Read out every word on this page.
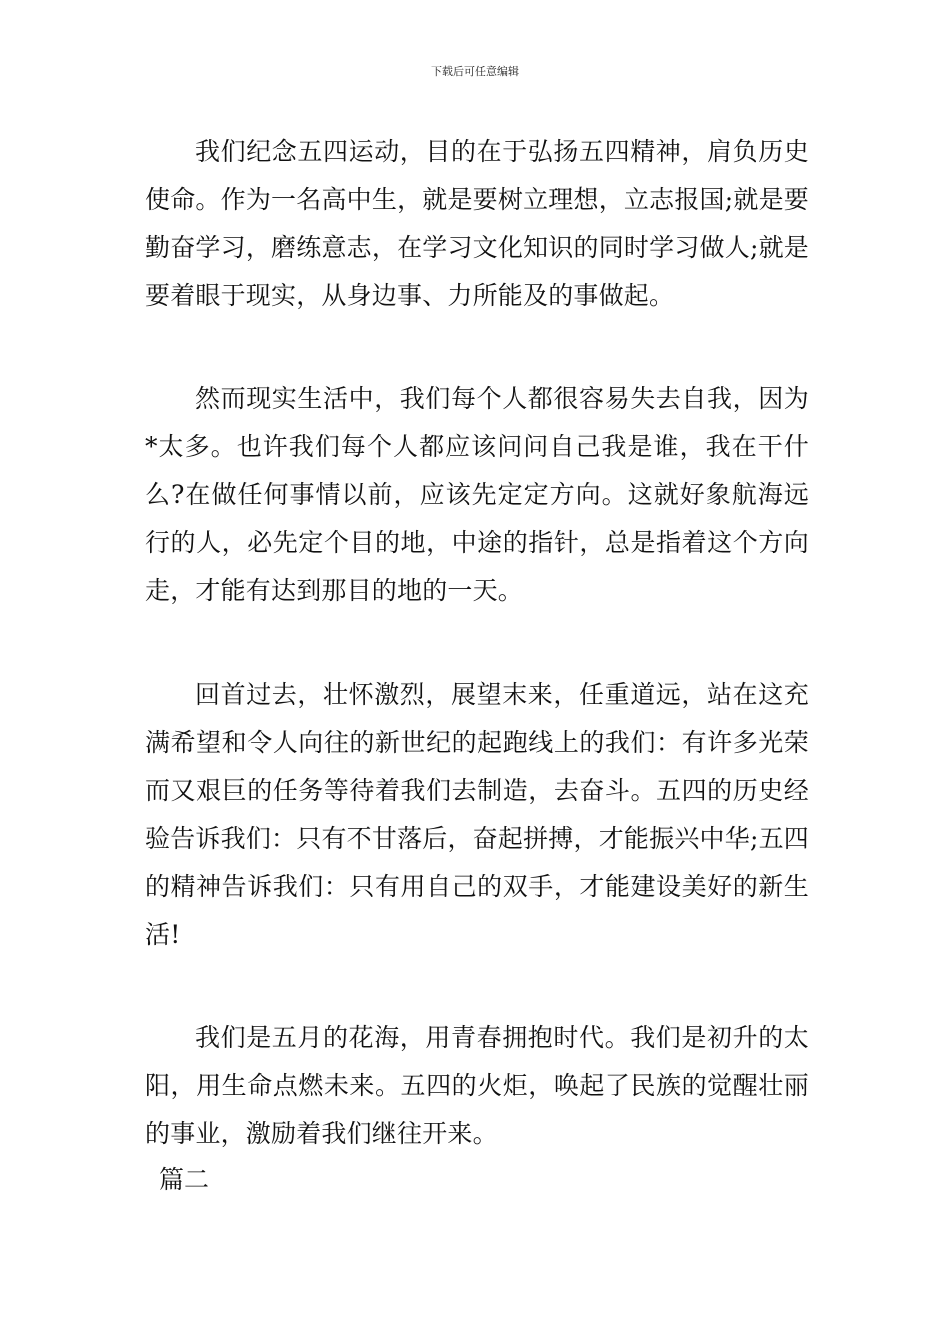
下载后可任意编辑

我们纪念五四运动，目的在于弘扬五四精神，肩负历史使命。作为一名高中生，就是要树立理想，立志报国;就是要勤奋学习，磨练意志，在学习文化知识的同时学习做人;就是要着眼于现实，从身边事、力所能及的事做起。

然而现实生活中，我们每个人都很容易失去自我，因为*太多。也许我们每个人都应该问问自己我是谁，我在干什么?在做任何事情以前，应该先定定方向。这就好象航海远行的人，必先定个目的地，中途的指针，总是指着这个方向走，才能有达到那目的地的一天。

回首过去，壮怀激烈，展望末来，任重道远，站在这充满希望和令人向往的新世纪的起跑线上的我们：有许多光荣而又艰巨的任务等待着我们去制造，去奋斗。五四的历史经验告诉我们：只有不甘落后，奋起拼搏，才能振兴中华;五四的精神告诉我们：只有用自己的双手，才能建设美好的新生活!

我们是五月的花海，用青春拥抱时代。我们是初升的太阳，用生命点燃未来。五四的火炬，唤起了民族的觉醒壮丽的事业，激励着我们继往开来。

篇二
